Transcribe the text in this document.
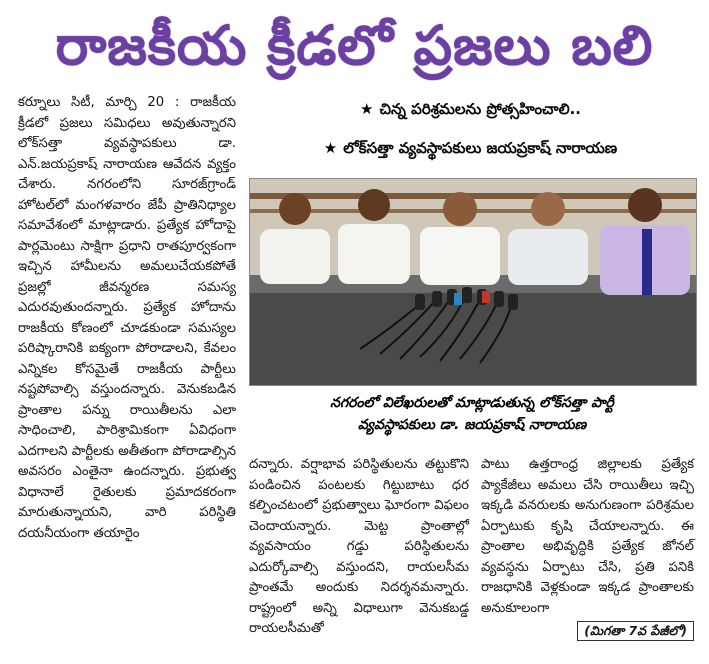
రాజకీయ క్రీడలో ప్రజలు బలి

కర్నూలు సిటీ, మార్చి 20 : రాజకీయ క్రీడలో ప్రజలు సమిధలు అవుతున్నారని లోక్‌సత్తా వ్యవస్థాపకులు డా. ఎన్.జయప్రకాష్ నారాయణ ఆవేదన వ్యక్తం చేశారు. నగరంలోని సూరజ్‌గ్రాండ్ హోటల్‌లో మంగళవారం జేపీ ప్రాతినిధ్యాల సమావేశంలో మాట్లాడారు. ప్రత్యేక హోదాపై పార్లమెంటు సాక్షిగా ప్రధాని రాతపూర్వకంగా ఇచ్చిన హామీలను అమలుచేయకపోతే ప్రజల్లో జీవన్మరణ సమస్య ఎదురవుతుందన్నారు. ప్రత్యేక హోదాను రాజకీయ కోణంలో చూడకుండా సమస్యల పరిష్కారానికి ఐక్యంగా పోరాడాలని, కేవలం ఎన్నికల కోసమైతే రాజకీయ పార్టీలు నష్టపోవాల్సి వస్తుందన్నారు. వెనుకబడిన ప్రాంతాల పన్ను రాయితీలను ఎలా సాధించాలి, పారిశ్రామికంగా ఏవిధంగా ఎదగాలని పార్టీలకు అతీతంగా పోరాడాల్సిన అవసరం ఎంతైనా ఉందన్నారు. ప్రభుత్వ విధానాలే రైతులకు ప్రమాదకరంగా మారుతున్నాయని, వారి పరిస్థితి దయనీయంగా తయారైం

★ చిన్న పరిశ్రమలను ప్రోత్సహించాలి..
★ లోక్‌సత్తా వ్యవస్థాపకులు జయప్రకాష్ నారాయణ
నగరంలో విలేఖరులతో మాట్లాడుతున్న లోక్‌సత్తా పార్టీ
వ్యవస్థాపకులు డా. జయప్రకాష్ నారాయణ

దన్నారు. వర్షాభావ పరిస్థితులను తట్టుకొని పండించిన పంటలకు గిట్టుబాటు ధర కల్పించటంలో ప్రభుత్వాలు ఘోరంగా విఫలం చెందాయన్నారు. మెట్ట ప్రాంతాల్లో వ్యవసాయం గడ్డు పరిస్థితులను ఎదుర్కోవాల్సి వస్తుందని, రాయలసీమ ప్రాంతమే అందుకు నిదర్శనమన్నారు. రాష్ట్రంలో అన్ని విధాలుగా వెనుకబడ్డ రాయలసీమతో

పాటు ఉత్తరాంధ్ర జిల్లాలకు ప్రత్యేక ప్యాకేజీలు అమలు చేసి రాయితీలు ఇచ్చి ఇక్కడి వనరులకు అనుగుణంగా పరిశ్రమల ఏర్పాటుకు కృషి చేయాలన్నారు. ఈ ప్రాంతాల అభివృద్ధికి ప్రత్యేక జోనల్ వ్యవస్థను ఏర్పాటు చేసి, ప్రతి పనికి రాజధానికి వెళ్లకుండా ఇక్కడ ప్రాంతాలకు అనుకూలంగా

(మిగతా 7వ పేజీలో)
